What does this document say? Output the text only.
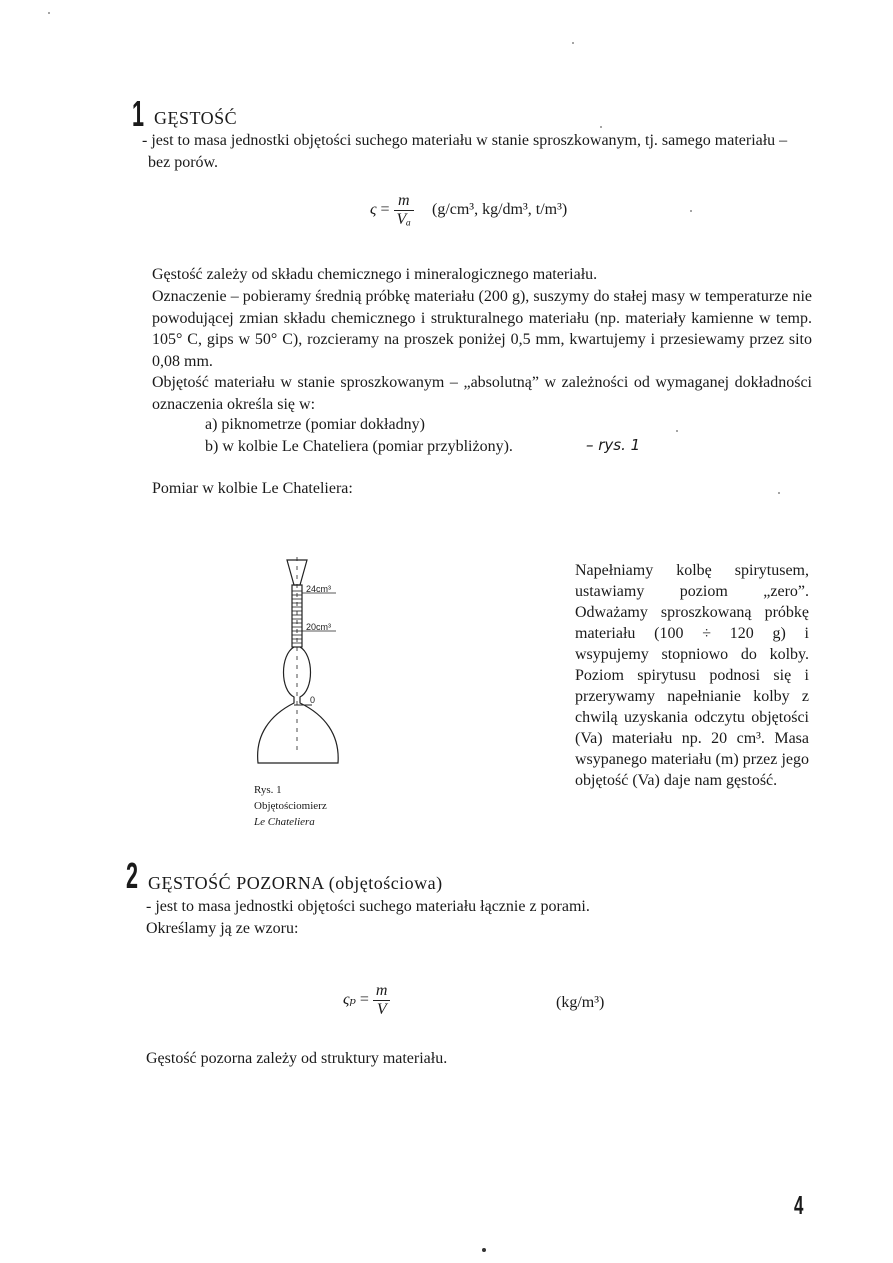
1 GĘSTOŚĆ
- jest to masa jednostki objętości suchego materiału w stanie sproszkowanym, tj. samego materiału – bez porów.
$\varsigma = \frac{m}{\text{Vₐ}} (g/cm^3$, kg/dm³, t/m³)
Gęstość zależy od składu chemicznego i mineralogicznego materiału.
Oznaczenie – pobieramy średnią próbkę materiału (200 g), suszymy do stałej masy w temperaturze nie powodującej zmian składu chemicznego i strukturalnego materiału (np. materiały kamienne w temp. 105° C, gips w 50° C), rozcieramy na proszek poniżej 0,5 mm, kwartujemy i przesiewamy przez sito 0,08 mm.
Objętość materiału w stanie sproszkowanym – „absolutną” w zależności od wymaganej dokładności oznaczenia określa się w:
a) piknometrze (pomiar dokładny)
b) w kolbie Le Chateliera (pomiar przybliżony).	– rys. 1
Pomiar w kolbie Le Chateliera:
24cm³
20cm³
0
Rys. 1
Objętościomierz
Le Chateliera
Napełniamy kolbę spirytusem, ustawiamy poziom „zero”. Odważamy sproszkowaną próbkę materiału (100 ÷ 120 g) i wsypujemy stopniowo do kolby. Poziom spirytusu podnosi się i przerywamy napełnianie kolby z chwilą uzyskania odczytu objętości (Va) materiału np. 20 cm³. Masa wsypanego materiału (m) przez jego objętość (Va) daje nam gęstość.
2 GĘSTOŚĆ POZORNA (objętościowa)
- jest to masa jednostki objętości suchego materiału łącznie z porami.
Określamy ją ze wzoru:
$\varsigma_p = \frac{m}{V}$	(kg/m³)
Gęstość pozorna zależy od struktury materiału.
4
